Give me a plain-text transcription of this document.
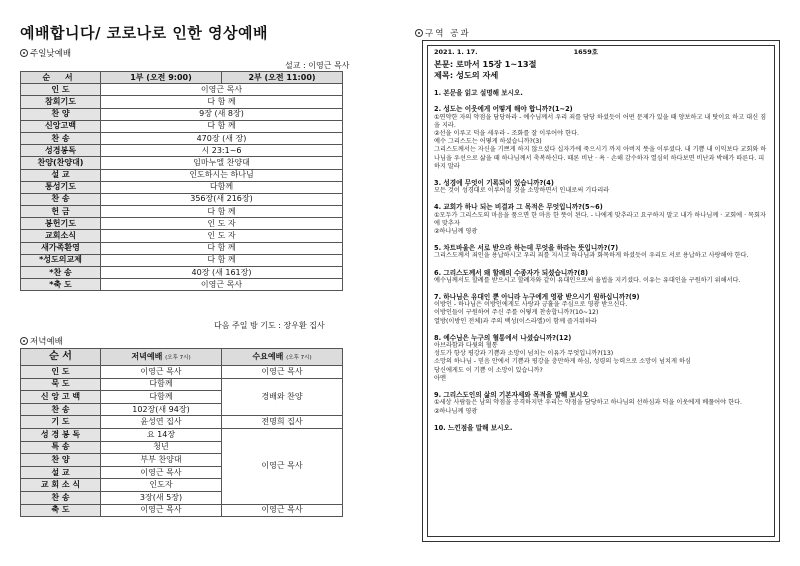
예배합니다/ 코로나로 인한 영상예배
주일낮예배
설교 : 이영근 목사
순 서	1부 (오전 9:00)	2부 (오전 11:00)
인 도	이영근 목사	
참회기도	다 함 께	
찬 양	9장 (새 8장)	
신앙고백	다 함 께	
찬 송	470장 (새 장)	
성경봉독	시 23:1~6	
찬양(찬양대)	임마누엘 찬양대	
설 교	인도하시는 하나님	
통성기도	다함께	
찬 송	356장(새 216장)	
헌 금	다 함 께	
봉헌기도	인 도 자	
교회소식	인 도 자	
새가족환영	다 함 께	
*성도의교제	다 함 께	
*찬 송	40장 (새 161장)	
*축 도	이영근 목사	
다음 주일 방 기도 : 장우환 집사
저녁예배
순 서	저녁예배 (오후 7시)	수요예배 (오후 7시)
인 도	이영근 목사	이영근 목사
묵 도	다함께	경배와 찬양
신 앙 고 백	다함께	
찬 송	102장(새 94장)	
기 도	윤성연 집사	전명희 집사
성 경 봉 독	요 14장	이영근 목사
특 송	청년	
찬 양	부부 찬양대	
설 교	이영근 목사	
교 회 소 식	인도자	
찬 송	3장(새 5장)	
축 도	이영근 목사	이영근 목사
구역 공과
2021. 1. 17.	1659호
본문: 로마서 15장 1~13절
제목: 성도의 자세
1. 본문을 읽고 설명해 보시오.
2. 성도는 이웃에게 어떻게 해야 합니까?(1~2)
①연약한 자의 약점을 담당하라 - 예수님께서 우리 죄를 담당 하셨듯이 어떤 문제가 있을 때 양보하고 내 탓이요 하고 대신 짐을 지라.
②선을 이루고 덕을 세우라 - 조화를 잘 이루어야 한다.
예수 그리스도는 어떻게 하셨습니까?(3)
그리스도께서는 자신을 기쁘게 하지 않으셨다 십자가에 죽으시기 까지 아버지 뜻을 이루셨다. 내 기쁨 내 이익보다 교회와 하나님을 우선으로 삶을 때 하나님께서 축복하신다. 때론 비난 · 욕 · 손해 감수하자 열심히 하다보면 비난과 박해가 따른다. 피하지 말라
3. 성경에 무엇이 기록되어 있습니까?(4)
모든 것이 성경대로 이루어질 것을 소망하면서 인내로써 기다리라
4. 교회가 하나 되는 비결과 그 목적은 무엇입니까?(5~6)
①모두가 그리스도의 마음을 품으면 한 마음 한 뜻이 된다. - 나에게 맞추라고 요구하지 말고 내가 하나님께 · 교회에 · 목회자에 맞추자
②하나님께 영광
5. 차트바울은 서로 받으라 하는데 무엇을 하라는 뜻입니까?(7)
그리스도께서 죄인을 용납하시고 우리 죄를 지시고 하나님과 화목하게 하셨듯이 우리도 서로 용납하고 사랑해야 한다.
6. 그리스도께서 왜 할례의 수종자가 되셨습니까?(8)
예수님께서도 할례를 받으시고 할례자와 같이 유대인으로써 율법을 지키셨다. 이유는 유대인을 구원하기 위해서다.
7. 하나님은 유대인 뿐 아니라 누구에게 영광 받으시기 원하십니까?(9)
이방인 - 하나님은 이방인에게도 사랑과 긍휼을 주심으로 영광 받으신다.
이방인들이 구원하여 주신 주를 어떻게 찬송합니까?(10~12)
열방(이방인 전체)과 주의 백성(이스라엘)이 함께 즐거워하라
8. 예수님은 누구의 혈통에서 나셨습니까?(12)
아브라함과 다윗의 혈통
성도가 항상 평강과 기쁨과 소망이 넘치는 이유가 무엇입니까?(13)
소망의 하나님 - 믿음 안에서 기쁨과 평강을 충만하게 하심, 성령의 능력으로 소망이 넘치게 하심
당신에게도 이 기쁨 이 소망이 있습니까?
아멘
9. 그리스도인의 삶의 기본자세와 목적을 말해 보시오
①세상 사람들은 남의 약점을 공격하지만 우리는 약점을 담당하고 하나님의 선하심과 덕을 이웃에게 베풀어야 한다.
②하나님께 영광
10. 느낀점을 말해 보시오.
